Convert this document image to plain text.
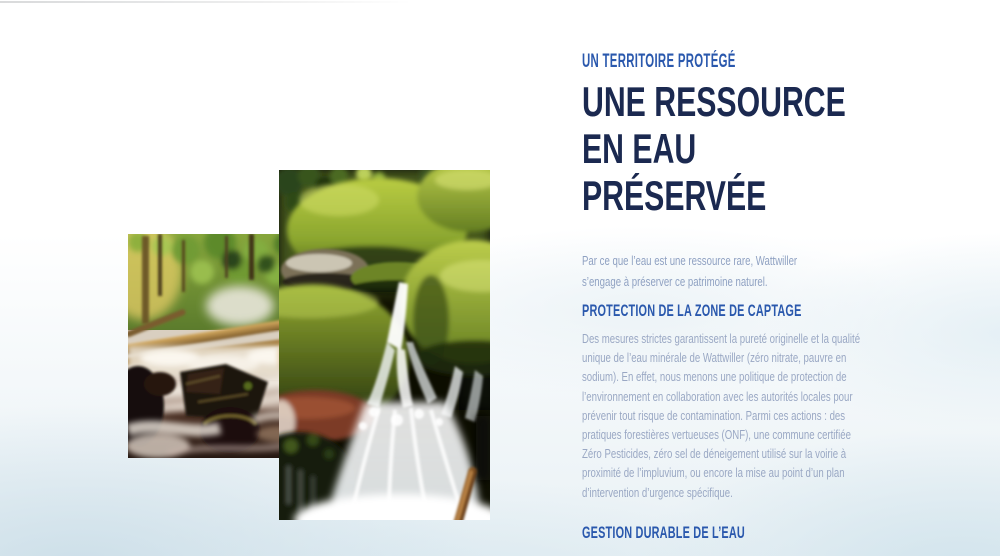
UN TERRITOIRE PROTÉGÉ
UNE RESSOURCE
EN EAU
PRÉSERVÉE

Par ce que l’eau est une ressource rare, Wattwiller s’engage à préserver ce patrimoine naturel.

PROTECTION DE LA ZONE DE CAPTAGE

Des mesures strictes garantissent la pureté originelle et la qualité unique de l’eau minérale de Wattwiller (zéro nitrate, pauvre en sodium). En effet, nous menons une politique de protection de l’environnement en collaboration avec les autorités locales pour prévenir tout risque de contamination. Parmi ces actions : des pratiques forestières vertueuses (ONF), une commune certifiée Zéro Pesticides, zéro sel de déneigement utilisé sur la voirie à proximité de l’impluvium, ou encore la mise au point d’un plan d’intervention d’urgence spécifique.

GESTION DURABLE DE L’EAU
